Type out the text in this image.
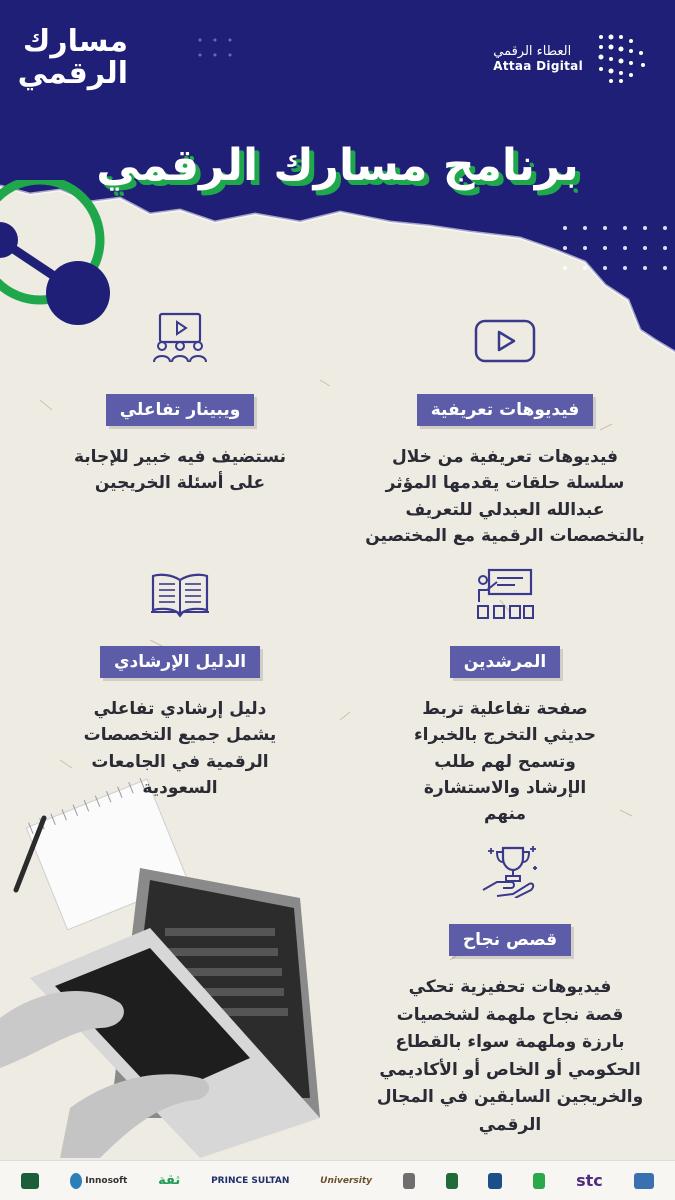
مسارك
الرقمي
العطاء الرقمي
Attaa Digital
برنامج مسارك الرقمي
فيديوهات تعريفية

فيديوهات تعريفية من خلال
سلسلة حلقات يقدمها المؤثر
عبدالله العبدلي للتعريف
بالتخصصات الرقمية مع المختصين

ويبينار تفاعلي

نستضيف فيه خبير للإجابة
على أسئلة الخريجين

المرشدين

صفحة تفاعلية تربط
حديثي التخرج بالخبراء
وتسمح لهم طلب
الإرشاد والاستشارة
منهم

الدليل الإرشادي

دليل إرشادي تفاعلي
يشمل جميع التخصصات
الرقمية في الجامعات
السعودية

قصص نجاح

فيديوهات تحفيزية تحكي
قصة نجاح ملهمة لشخصيات
بارزة وملهمة سواء بالقطاع
الحكومي أو الخاص أو الأكاديمي
والخريجين السابقين في المجال
الرقمي

Innosoft ثقة	PRINCE SULTAN	University	stc
